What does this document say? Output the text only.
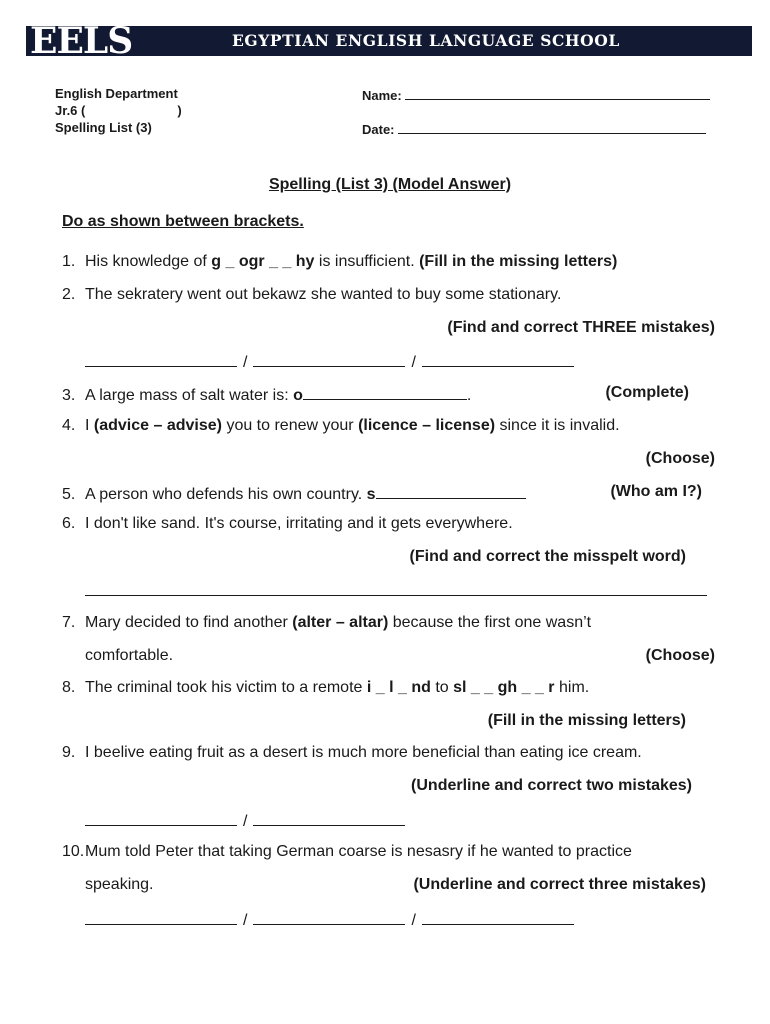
EELS	EGYPTIAN ENGLISH LANGUAGE SCHOOL
English Department
Jr.6 (	)
Spelling List (3)
Name:
Date:
Spelling (List 3) (Model Answer)
Do as shown between brackets.
1. His knowledge of g _ ogr _ _ hy is insufficient. (Fill in the missing letters)
2. The sekratery went out bekawz she wanted to buy some stationary.
(Find and correct THREE mistakes)
/	/
3. A large mass of salt water is: o	.	(Complete)
4. I (advice – advise) you to renew your (licence – license) since it is invalid.
(Choose)
5. A person who defends his own country. s	(Who am I?)
6. I don't like sand. It's course, irritating and it gets everywhere.
(Find and correct the misspelt word)
7. Mary decided to find another (alter – altar) because the first one wasn’t
comfortable.	(Choose)
8. The criminal took his victim to a remote i _ l _ nd to sl _ _ gh _ _ r him.
(Fill in the missing letters)
9. I beelive eating fruit as a desert is much more beneficial than eating ice cream.
(Underline and correct two mistakes)
/
10.Mum told Peter that taking German coarse is nesasry if he wanted to practice
speaking.	(Underline and correct three mistakes)
/	/
